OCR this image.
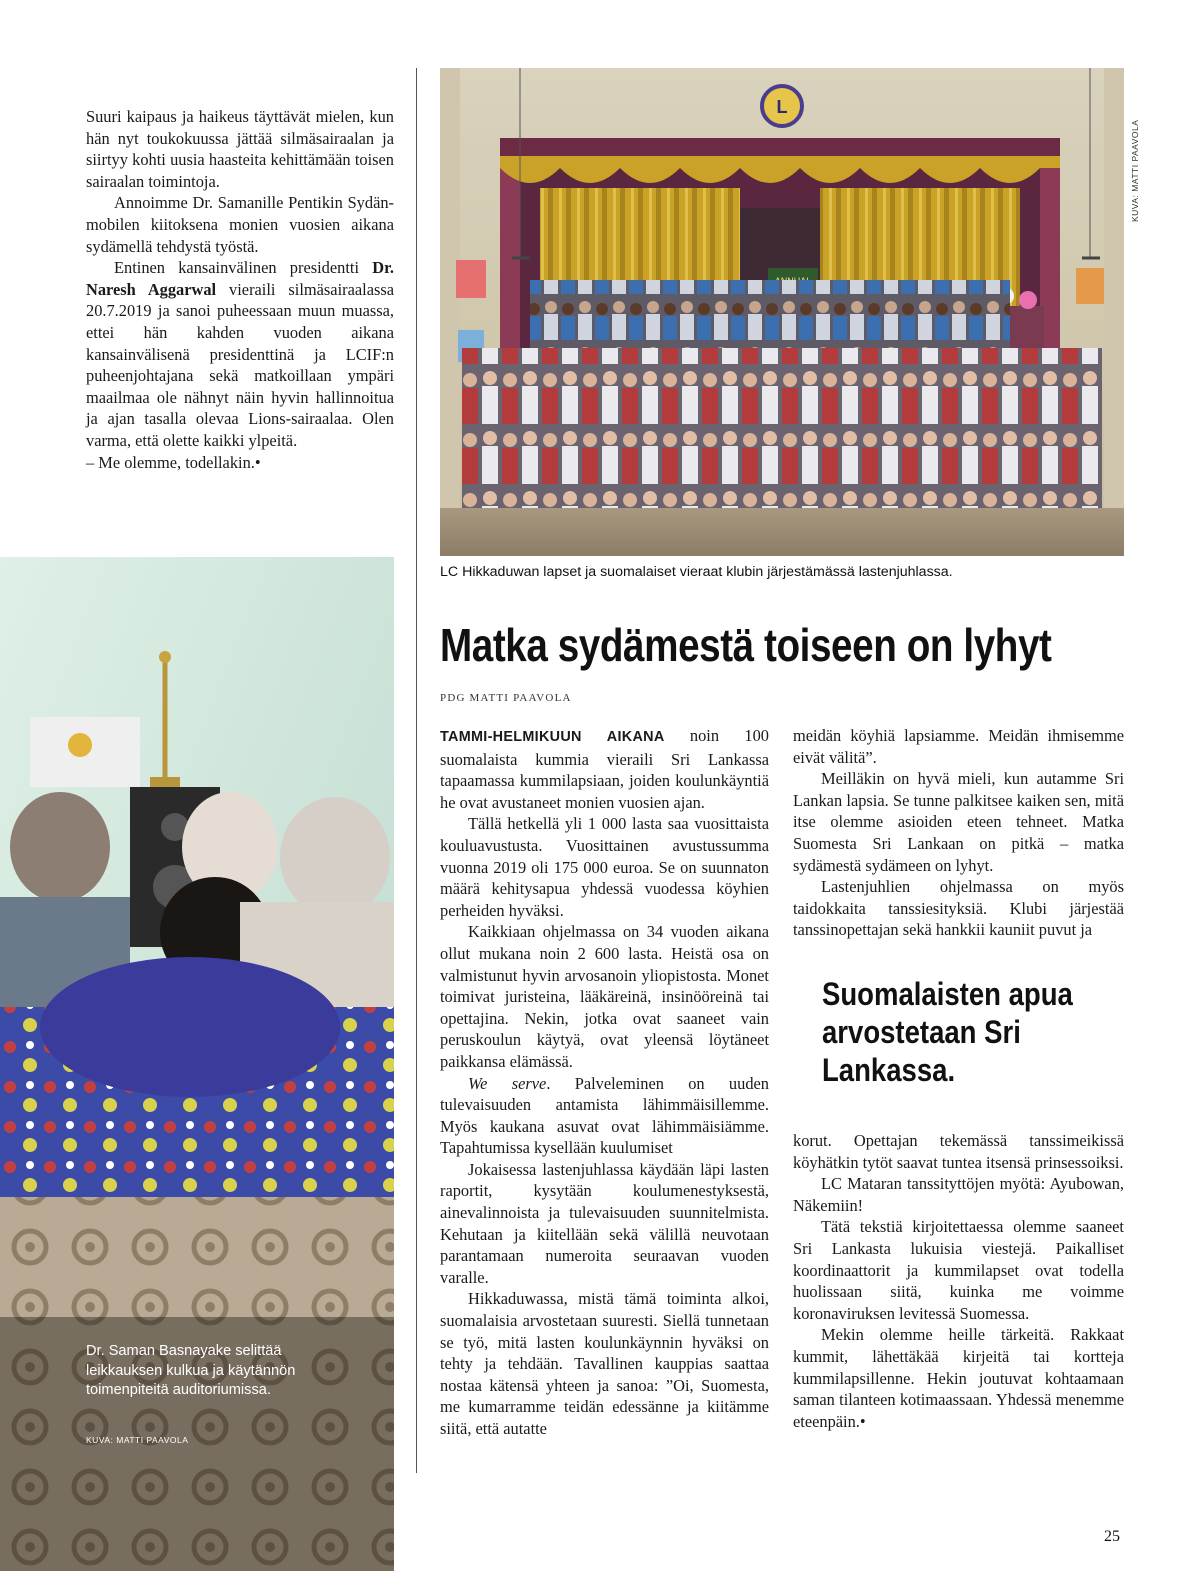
Suuri kaipaus ja haikeus täyttävät mielen, kun hän nyt toukokuussa jättää silmäsairaalan ja siirtyy kohti uusia haasteita kehittämään toisen sairaalan toimintoja.

Annoimme Dr. Samanille Pentikin Sydän-mobilen kiitoksena monien vuosien aikana sydämellä tehdystä työstä.

Entinen kansainvälinen presidentti Dr. Naresh Aggarwal vieraili silmäsairaalassa 20.7.2019 ja sanoi puheessaan muun muassa, ettei hän kahden vuoden aikana kansainvälisenä presidenttinä ja LCIF:n puheenjohtajana sekä matkoillaan ympäri maailmaa ole nähnyt näin hyvin hallinnoitua ja ajan tasalla olevaa Lions-sairaalaa. Olen varma, että olette kaikki ylpeitä.

– Me olemme, todellakin.•

L
KUVA: MATTI PAAVOLA
LC Hikkaduwan lapset ja suomalaiset vieraat klubin järjestämässä lastenjuhlassa.
Dr. Saman Basnayake selittää leikkauksen kulkua ja käytännön toimenpiteitä auditoriumissa.
KUVA: MATTI PAAVOLA
Matka sydämestä toiseen on lyhyt
PDG MATTI PAAVOLA

TAMMI-HELMIKUUN AIKANA noin 100 suomalaista kummia vieraili Sri Lankassa tapaamassa kummilapsiaan, joiden koulunkäyntiä he ovat avustaneet monien vuosien ajan.

Tällä hetkellä yli 1 000 lasta saa vuosittaista kouluavustusta. Vuosittainen avustussumma vuonna 2019 oli 175 000 euroa. Se on suunnaton määrä kehitysapua yhdessä vuodessa köyhien perheiden hyväksi.

Kaikkiaan ohjelmassa on 34 vuoden aikana ollut mukana noin 2 600 lasta. Heistä osa on valmistunut hyvin arvosanoin yliopistosta. Monet toimivat juristeina, lääkäreinä, insinööreinä tai opettajina. Nekin, jotka ovat saaneet vain peruskoulun käytyä, ovat yleensä löytäneet paikkansa elämässä.

We serve. Palveleminen on uuden tulevaisuuden antamista lähimmäisillemme. Myös kaukana asuvat ovat lähimmäisiämme. Tapahtumissa kysellään kuulumiset

Jokaisessa lastenjuhlassa käydään läpi lasten raportit, kysytään koulumenestyksestä, ainevalinnoista ja tulevaisuuden suunnitelmista. Kehutaan ja kiitellään sekä välillä neuvotaan parantamaan numeroita seuraavan vuoden varalle.

Hikkaduwassa, mistä tämä toiminta alkoi, suomalaisia arvostetaan suuresti. Siellä tunnetaan se työ, mitä lasten koulunkäynnin hyväksi on tehty ja tehdään. Tavallinen kauppias saattaa nostaa kätensä yhteen ja sanoa: ”Oi, Suomesta, me kumarramme teidän edessänne ja kiitämme siitä, että autatte

meidän köyhiä lapsiamme. Meidän ihmisemme eivät välitä”.

Meilläkin on hyvä mieli, kun autamme Sri Lankan lapsia. Se tunne palkitsee kaiken sen, mitä itse olemme asioiden eteen tehneet. Matka Suomesta Sri Lankaan on pitkä – matka sydämestä sydämeen on lyhyt.

Lastenjuhlien ohjelmassa on myös taidokkaita tanssiesityksiä. Klubi järjestää tanssinopettajan sekä hankkii kauniit puvut ja

Suomalaisten apua arvostetaan Sri Lankassa.

korut. Opettajan tekemässä tanssimeikissä köyhätkin tytöt saavat tuntea itsensä prinsessoiksi.

LC Mataran tanssityttöjen myötä: Ayubowan, Näkemiin!

Tätä tekstiä kirjoitettaessa olemme saaneet Sri Lankasta lukuisia viestejä. Paikalliset koordinaattorit ja kummilapset ovat todella huolissaan siitä, kuinka me voimme koronaviruksen levitessä Suomessa.

Mekin olemme heille tärkeitä. Rakkaat kummit, lähettäkää kirjeitä tai kortteja kummilapsillenne. Hekin joutuvat kohtaamaan saman tilanteen kotimaassaan. Yhdessä menemme eteenpäin.•

25
